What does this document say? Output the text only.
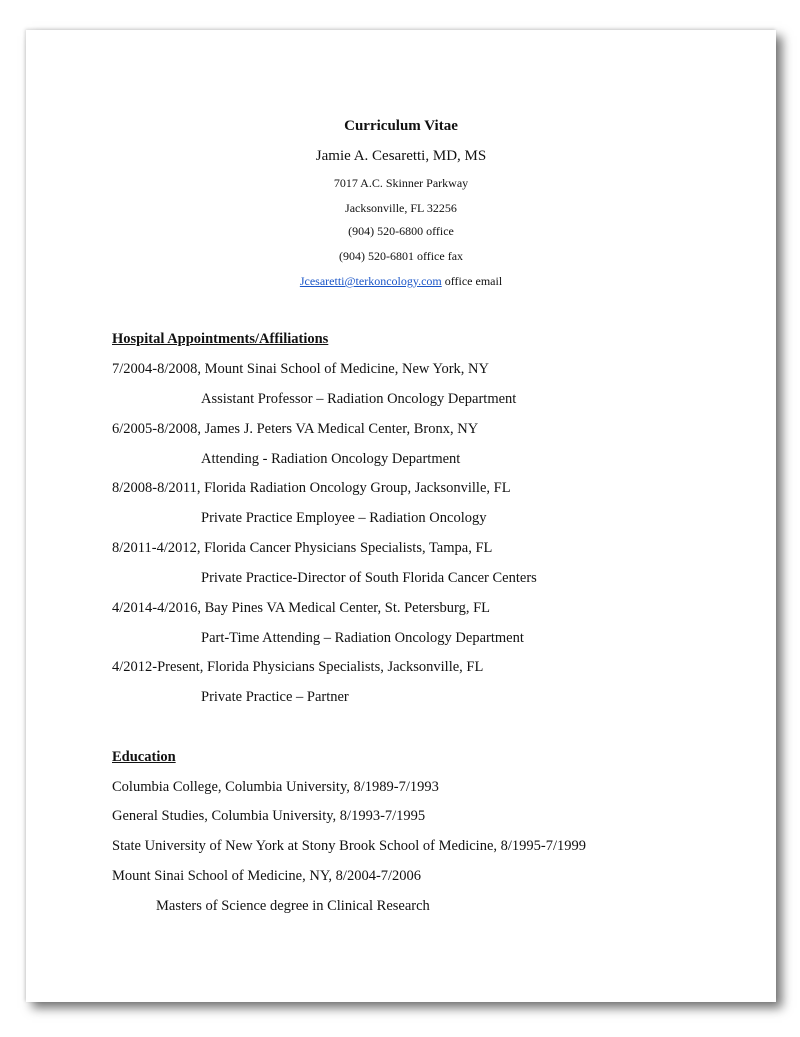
Curriculum Vitae
Jamie A. Cesaretti, MD, MS
7017 A.C. Skinner Parkway
Jacksonville, FL 32256
(904) 520-6800 office
(904) 520-6801 office fax
Jcesaretti@terkoncology.com office email
Hospital Appointments/Affiliations
7/2004-8/2008, Mount Sinai School of Medicine, New York, NY
Assistant Professor – Radiation Oncology Department
6/2005-8/2008, James J. Peters VA Medical Center, Bronx, NY
Attending - Radiation Oncology Department
8/2008-8/2011, Florida Radiation Oncology Group, Jacksonville, FL
Private Practice Employee – Radiation Oncology
8/2011-4/2012, Florida Cancer Physicians Specialists, Tampa, FL
Private Practice-Director of South Florida Cancer Centers
4/2014-4/2016, Bay Pines VA Medical Center, St. Petersburg, FL
Part-Time Attending – Radiation Oncology Department
4/2012-Present, Florida Physicians Specialists, Jacksonville, FL
Private Practice – Partner
Education
Columbia College, Columbia University, 8/1989-7/1993
General Studies, Columbia University, 8/1993-7/1995
State University of New York at Stony Brook School of Medicine, 8/1995-7/1999
Mount Sinai School of Medicine, NY, 8/2004-7/2006
Masters of Science degree in Clinical Research
